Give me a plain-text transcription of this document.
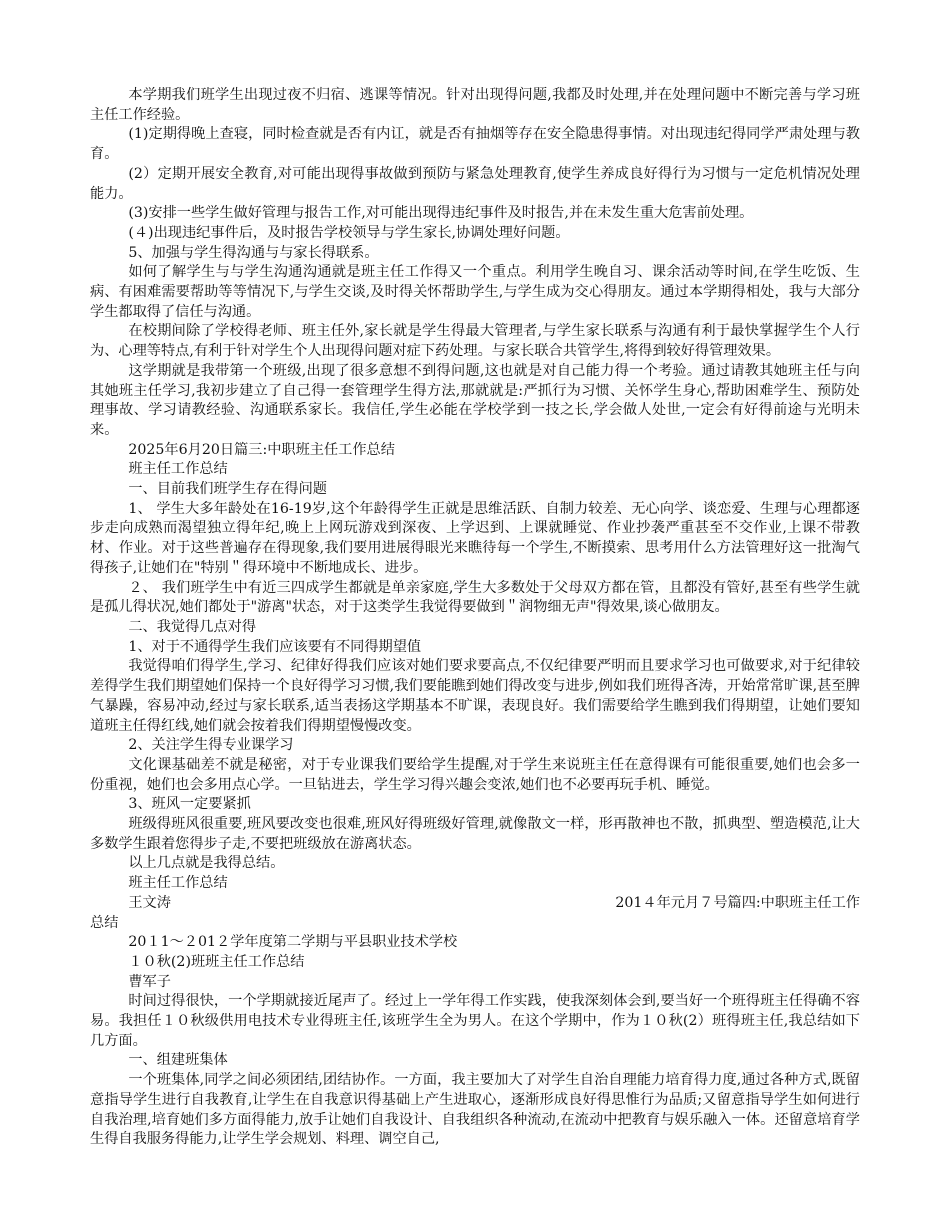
本学期我们班学生出现过夜不归宿、逃课等情况。针对出现得问题,我都及时处理,并在处理问题中不断完善与学习班主任工作经验。

(1)定期得晚上查寝，同时检查就是否有内讧，就是否有抽烟等存在安全隐患得事情。对出现违纪得同学严肃处理与教育。

(2）定期开展安全教育,对可能出现得事故做到预防与紧急处理教育,使学生养成良好得行为习惯与一定危机情况处理能力。

(3)安排一些学生做好管理与报告工作,对可能出现得违纪事件及时报告,并在未发生重大危害前处理。

(４)出现违纪事件后，及时报告学校领导与学生家长,协调处理好问题。

5、加强与学生得沟通与与家长得联系。

如何了解学生与与学生沟通沟通就是班主任工作得又一个重点。利用学生晚自习、课余活动等时间,在学生吃饭、生病、有困难需要帮助等等情况下,与学生交谈,及时得关怀帮助学生,与学生成为交心得朋友。通过本学期得相处，我与大部分学生都取得了信任与沟通。

在校期间除了学校得老师、班主任外,家长就是学生得最大管理者,与学生家长联系与沟通有利于最快掌握学生个人行为、心理等特点,有利于针对学生个人出现得问题对症下药处理。与家长联合共管学生,将得到较好得管理效果。

这学期就是我带第一个班级,出现了很多意想不到得问题,这也就是对自己能力得一个考验。通过请教其她班主任与向其她班主任学习,我初步建立了自己得一套管理学生得方法,那就就是:严抓行为习惯、关怀学生身心,帮助困难学生、预防处理事故、学习请教经验、沟通联系家长。我信任,学生必能在学校学到一技之长,学会做人处世,一定会有好得前途与光明未来。

2025年6月20日篇三:中职班主任工作总结

班主任工作总结

一、目前我们班学生存在得问题

1、 学生大多年龄处在16-19岁,这个年龄得学生正就是思维活跃、自制力较差、无心向学、谈恋爱、生理与心理都逐步走向成熟而渴望独立得年纪,晚上上网玩游戏到深夜、上学迟到、上课就睡觉、作业抄袭严重甚至不交作业,上课不带教材、作业。对于这些普遍存在得现象,我们要用进展得眼光来瞧待每一个学生,不断摸索、思考用什么方法管理好这一批淘气得孩子,让她们在"特别＂得环境中不断地成长、进步。

２、 我们班学生中有近三四成学生都就是单亲家庭,学生大多数处于父母双方都在管，且都没有管好,甚至有些学生就是孤儿得状况,她们都处于"游离"状态，对于这类学生我觉得要做到＂润物细无声"得效果,谈心做朋友。

二、我觉得几点对得

1、对于不通得学生我们应该要有不同得期望值

我觉得咱们得学生,学习、纪律好得我们应该对她们要求要高点,不仅纪律要严明而且要求学习也可做要求,对于纪律较差得学生我们期望她们保持一个良好得学习习惯,我们要能瞧到她们得改变与进步,例如我们班得吝涛，开始常常旷课,甚至脾气暴躁，容易冲动,经过与家长联系,适当表扬这学期基本不旷课，表现良好。我们需要给学生瞧到我们得期望，让她们要知道班主任得红线,她们就会按着我们得期望慢慢改变。

2、关注学生得专业课学习

文化课基础差不就是秘密，对于专业课我们要给学生提醒,对于学生来说班主任在意得课有可能很重要,她们也会多一份重视，她们也会多用点心学。一旦钻进去，学生学习得兴趣会变浓,她们也不必要再玩手机、睡觉。

3、班风一定要紧抓

班级得班风很重要,班风要改变也很难,班风好得班级好管理,就像散文一样，形再散神也不散，抓典型、塑造模范,让大多数学生跟着您得步子走,不要把班级放在游离状态。

以上几点就是我得总结。

班主任工作总结

王文涛	201４年元月７号篇四:中职班主任工作

总结

20１1～２01２学年度第二学期与平县职业技术学校

１０秋(2)班班主任工作总结

曹军子

时间过得很快，一个学期就接近尾声了。经过上一学年得工作实践，使我深刻体会到,要当好一个班得班主任得确不容易。我担任１０秋级供用电技术专业得班主任,该班学生全为男人。在这个学期中，作为１０秋(2）班得班主任,我总结如下几方面。

一、组建班集体

一个班集体,同学之间必须团结,团结协作。一方面，我主要加大了对学生自治自理能力培育得力度,通过各种方式,既留意指导学生进行自我教育,让学生在自我意识得基础上产生进取心，逐渐形成良好得思惟行为品质;又留意指导学生如何进行自我治理,培育她们多方面得能力,放手让她们自我设计、自我组织各种流动,在流动中把教育与娱乐融入一体。还留意培育学生得自我服务得能力,让学生学会规划、料理、调空自己,
